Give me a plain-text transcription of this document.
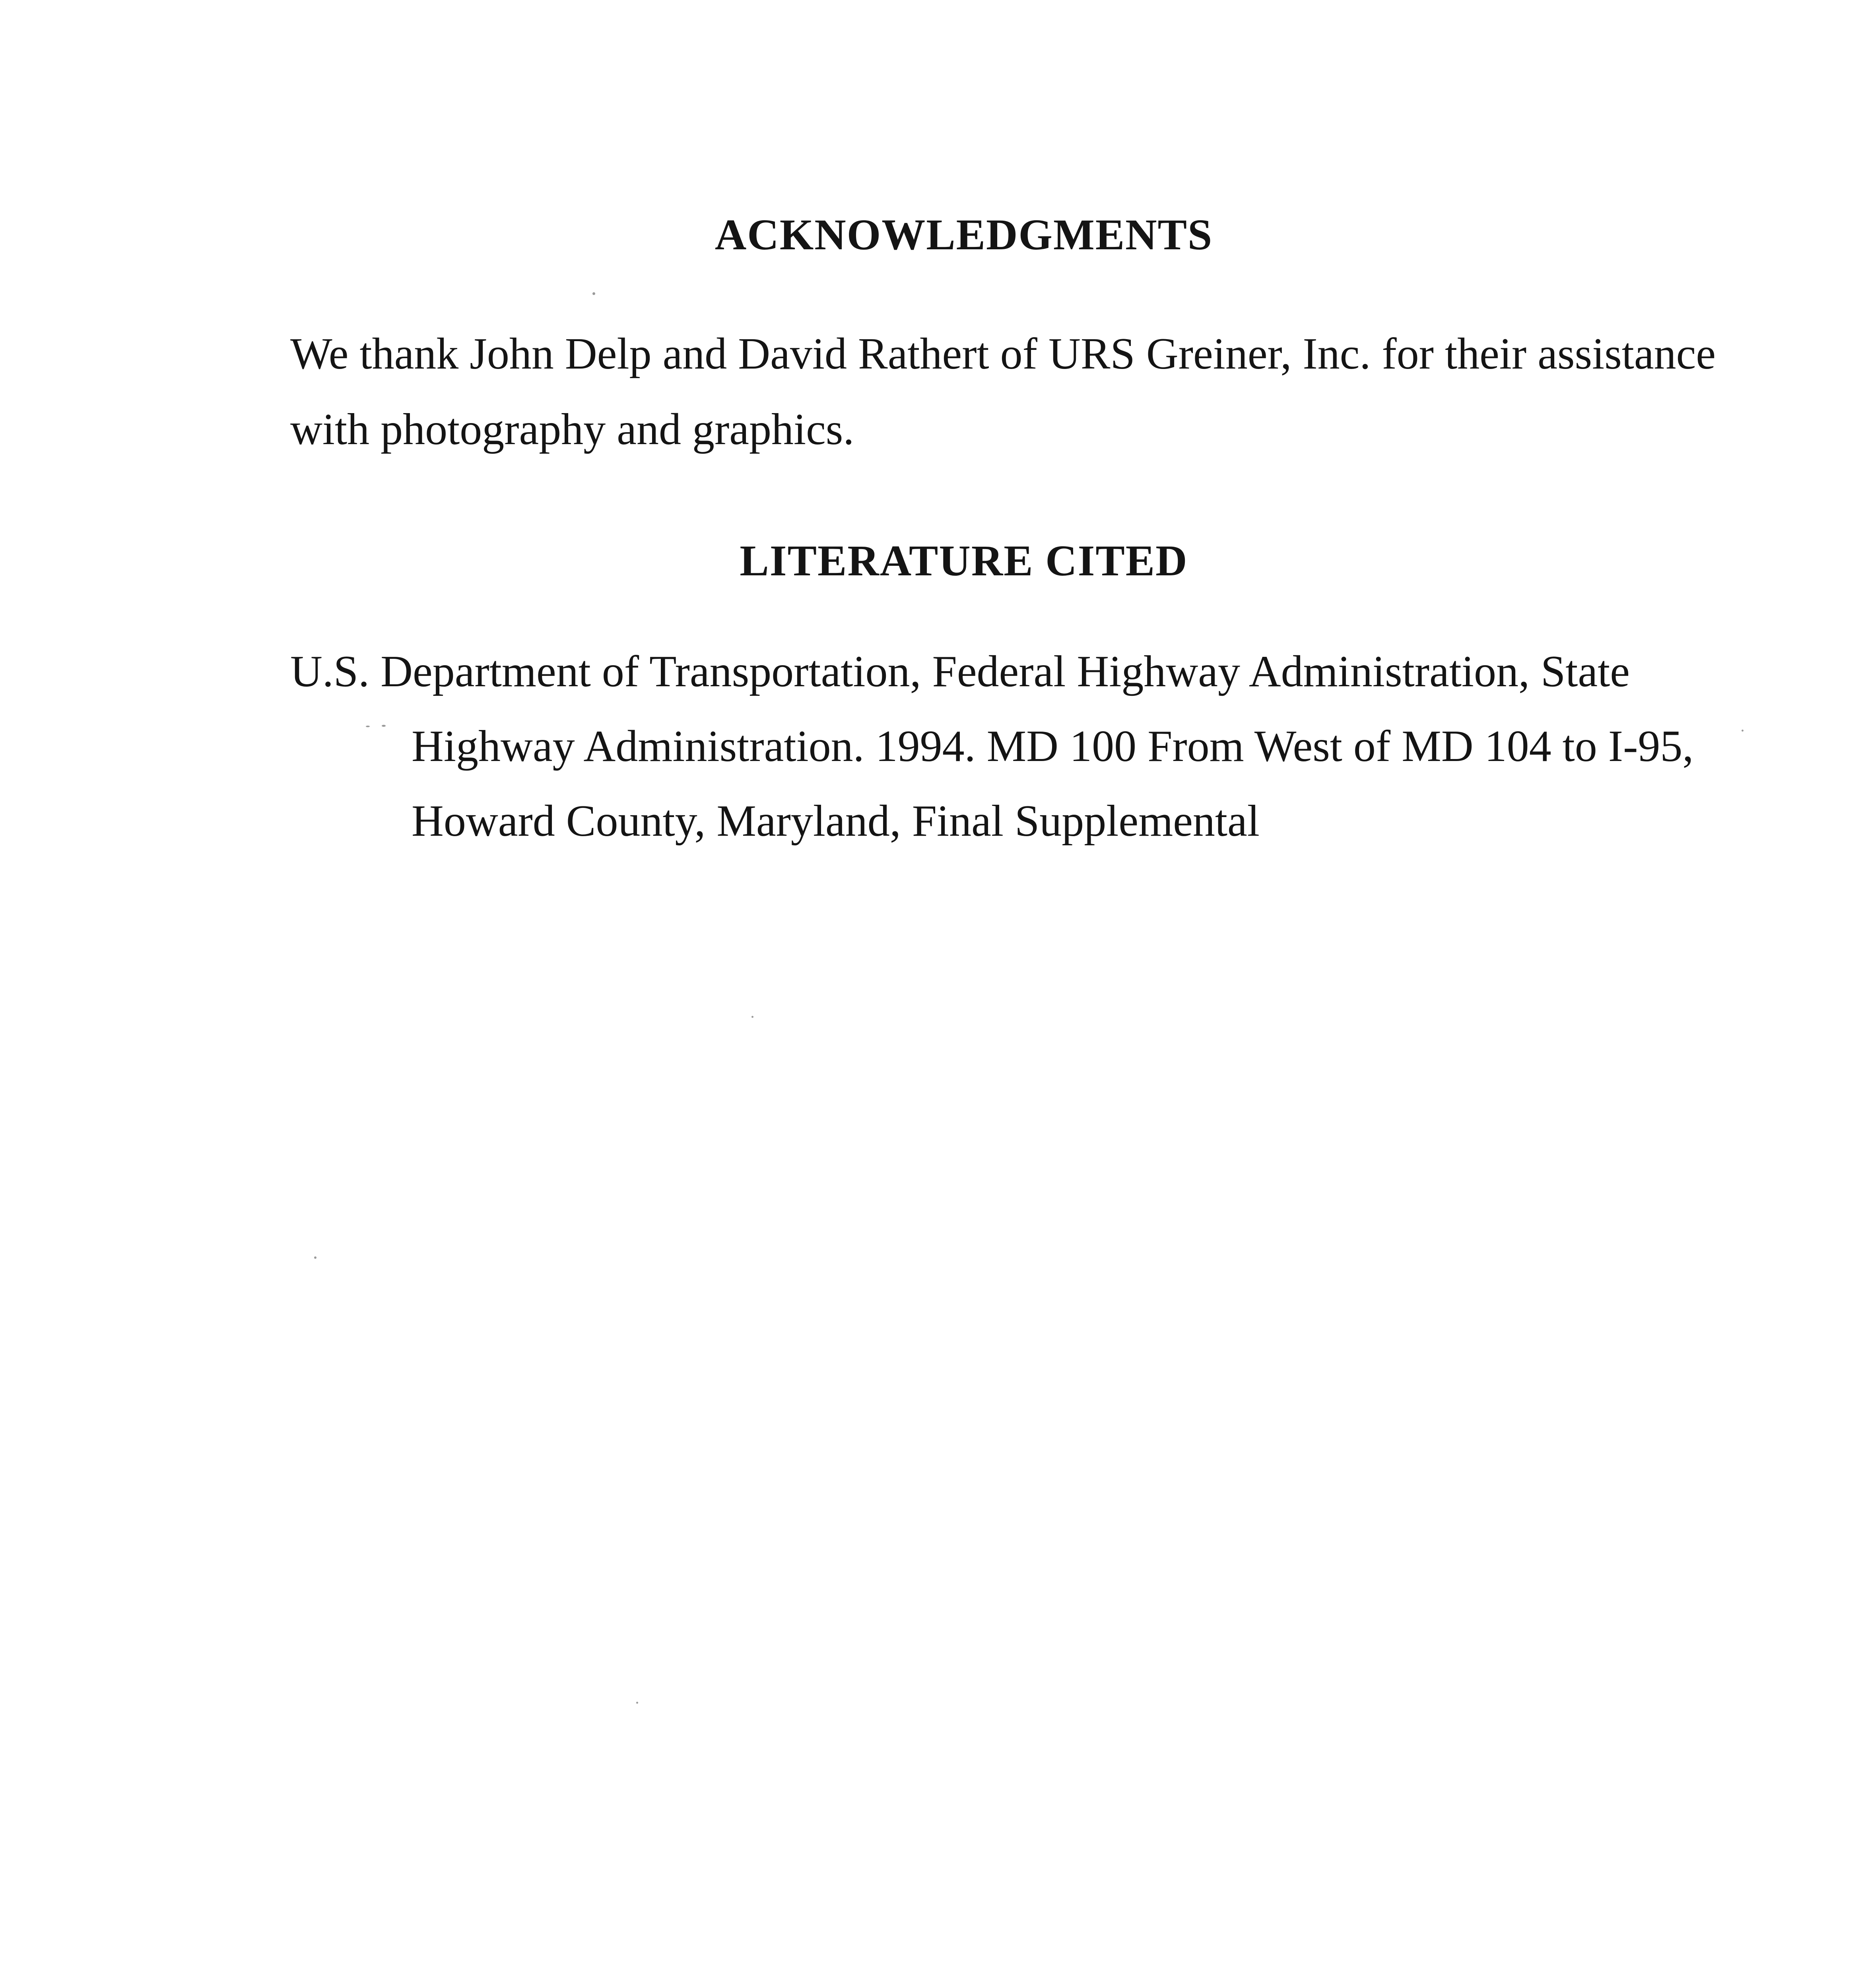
ACKNOWLEDGMENTS

We thank John Delp and David Rathert of URS Greiner, Inc. for their assistance
with photography and graphics.

LITERATURE CITED

U.S. Department of Transportation, Federal Highway Administration, State
Highway Administration. 1994. MD 100 From West of MD 104 to I-95,
Howard County, Maryland, Final Supplemental
